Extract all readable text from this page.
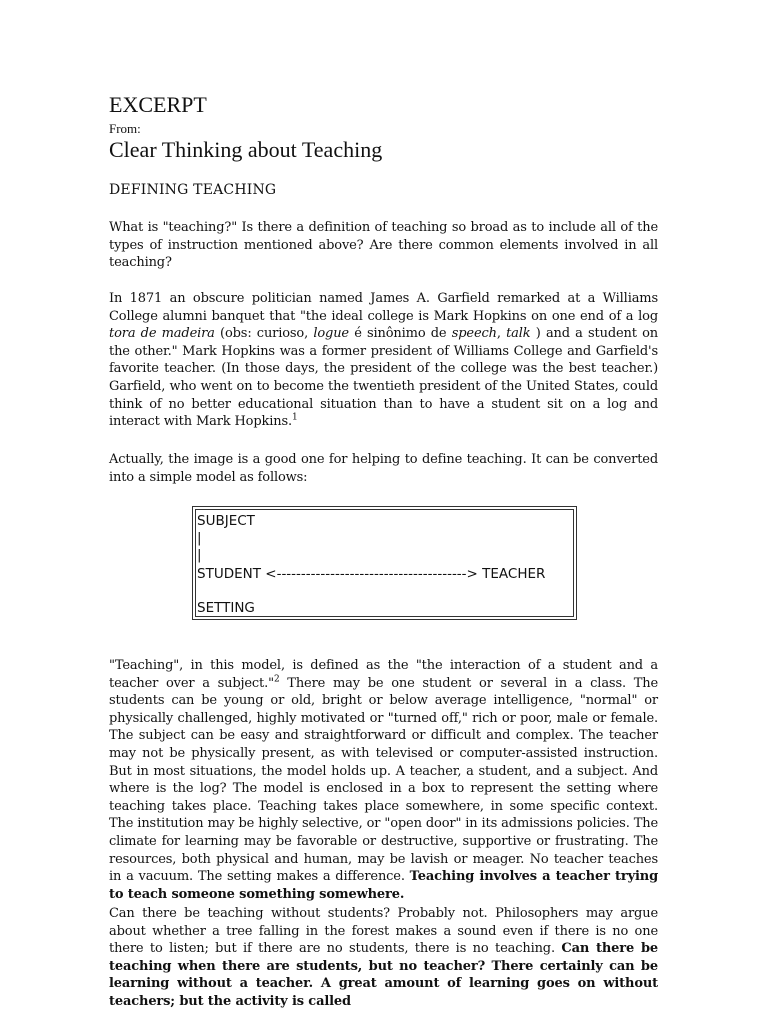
EXCERPT
From:
Clear Thinking about Teaching
DEFINING TEACHING

What is "teaching?" Is there a definition of teaching so broad as to include all of the types of instruction mentioned above? Are there common elements involved in all teaching?

In 1871 an obscure politician named James A. Garfield remarked at a Williams College alumni banquet that "the ideal college is Mark Hopkins on one end of a log tora de madeira (obs: curioso, logue é sinônimo de speech, talk ) and a student on the other." Mark Hopkins was a former president of Williams College and Garfield's favorite teacher. (In those days, the president of the college was the best teacher.) Garfield, who went on to become the twentieth president of the United States, could think of no better educational situation than to have a student sit on a log and interact with Mark Hopkins.$^1$

Actually, the image is a good one for helping to define teaching. It can be converted into a simple model as follows:

SUBJECT
|
|
STUDENT <---------------------------------------> TEACHER
SETTING

"Teaching", in this model, is defined as the "the interaction of a student and a teacher over a subject."$^2$ There may be one student or several in a class. The students can be young or old, bright or below average intelligence, "normal" or physically challenged, highly motivated or "turned off," rich or poor, male or female. The subject can be easy and straightforward or difficult and complex. The teacher may not be physically present, as with televised or computer-assisted instruction. But in most situations, the model holds up. A teacher, a student, and a subject. And where is the log? The model is enclosed in a box to represent the setting where teaching takes place. Teaching takes place somewhere, in some specific context. The institution may be highly selective, or "open door" in its admissions policies. The climate for learning may be favorable or destructive, supportive or frustrating. The resources, both physical and human, may be lavish or meager. No teacher teaches in a vacuum. The setting makes a difference. Teaching involves a teacher trying to teach someone something somewhere.

Can there be teaching without students? Probably not. Philosophers may argue about whether a tree falling in the forest makes a sound even if there is no one there to listen; but if there are no students, there is no teaching. Can there be teaching when there are students, but no teacher? There certainly can be learning without a teacher. A great amount of learning goes on without teachers; but the activity is called
